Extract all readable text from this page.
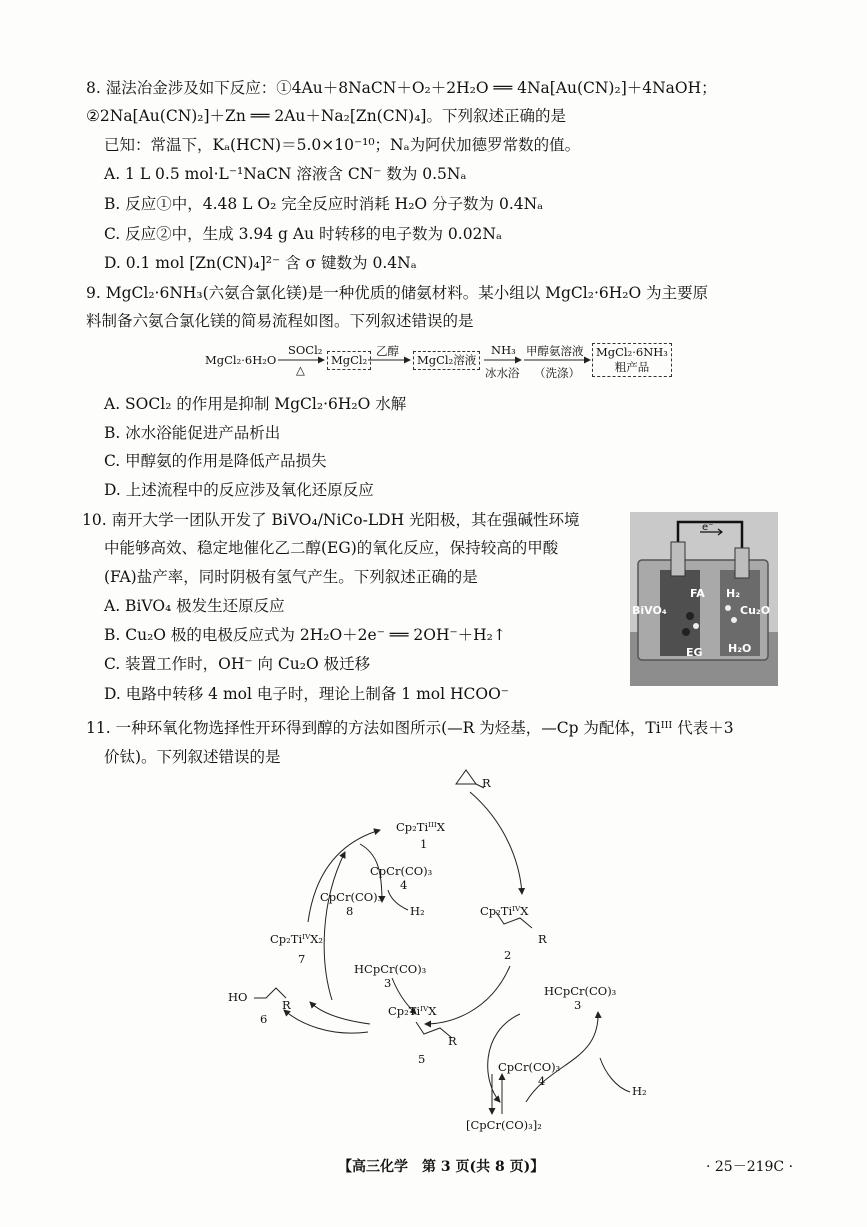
8. 湿法冶金涉及如下反应：①4Au＋8NaCN＋O₂＋2H₂O ══ 4Na[Au(CN)₂]＋4NaOH；
②2Na[Au(CN)₂]＋Zn ══ 2Au＋Na₂[Zn(CN)₄]。下列叙述正确的是
已知：常温下，Kₐ(HCN)＝5.0×10⁻¹⁰；Nₐ为阿伏加德罗常数的值。
A. 1 L 0.5 mol·L⁻¹NaCN 溶液含 CN⁻ 数为 0.5Nₐ
B. 反应①中，4.48 L O₂ 完全反应时消耗 H₂O 分子数为 0.4Nₐ
C. 反应②中，生成 3.94 g Au 时转移的电子数为 0.02Nₐ
D. 0.1 mol [Zn(CN)₄]²⁻ 含 σ 键数为 0.4Nₐ
9. MgCl₂·6NH₃(六氨合氯化镁)是一种优质的储氨材料。某小组以 MgCl₂·6H₂O 为主要原
料制备六氨合氯化镁的简易流程如图。下列叙述错误的是
MgCl₂·6H₂O
SOCl₂
△
MgCl₂
乙醇
MgCl₂溶液
NH₃
冰水浴
甲醇氨溶液
（洗涤）
MgCl₂·6NH₃
粗产品
A. SOCl₂ 的作用是抑制 MgCl₂·6H₂O 水解
B. 冰水浴能促进产品析出
C. 甲醇氨的作用是降低产品损失
D. 上述流程中的反应涉及氧化还原反应
10. 南开大学一团队开发了 BiVO₄/NiCo-LDH 光阳极，其在强碱性环境
中能够高效、稳定地催化乙二醇(EG)的氧化反应，保持较高的甲酸
(FA)盐产率，同时阴极有氢气产生。下列叙述正确的是
A. BiVO₄ 极发生还原反应
B. Cu₂O 极的电极反应式为 2H₂O＋2e⁻ ══ 2OH⁻＋H₂↑
C. 装置工作时，OH⁻ 向 Cu₂O 极迁移
D. 电路中转移 4 mol 电子时，理论上制备 1 mol HCOO⁻
e⁻
FA H₂
BiVO₄	Cu₂O
EG H₂O
11. 一种环氧化物选择性开环得到醇的方法如图所示(—R 为烃基，—Cp 为配体，Tiᴵᴵᴵ 代表＋3
价钛)。下列叙述错误的是
R
Cp₂TiᴵᴵᴵX
1
Cp₂TiᴵⱽX
R
2
HCpCr(CO)₃
3
HCpCr(CO)₃
3
CpCr(CO)₃
4
CpCr(CO)₃
4
Cp₂TiᴵⱽX
R
5
HO
R
6
Cp₂TiᴵⱽX₂
7
CpCr(CO)₃
8	H₂
H₂
[CpCr(CO)₃]₂
【高三化学　第 3 页(共 8 页)】	· 25－219C ·
